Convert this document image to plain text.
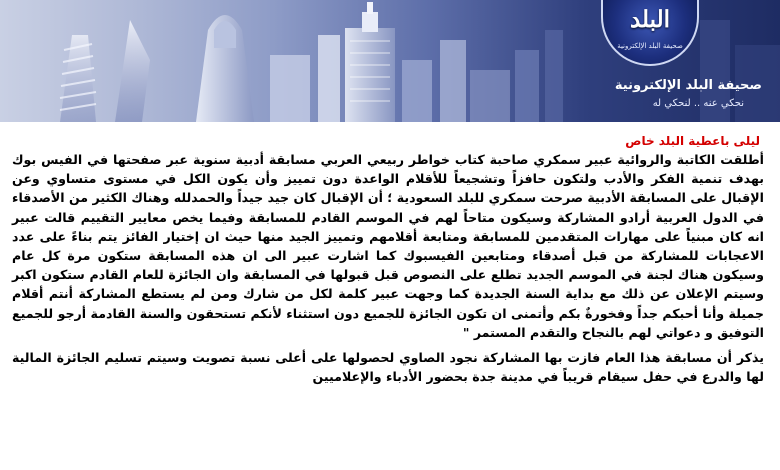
البلد
صحيفة البلد الإلكترونية
صحيفة البلد الإلكترونية
نحكي عنه .. لنحكي له
ليلى باعطية البلد خاص

أطلقت الكاتبة والروائية عبير سمكري صاحبة كتاب خواطر ربيعي العربي مسابقة أدبية سنوية عبر صفحتها في الفيس بوك بهدف تنمية الفكر والأدب ولتكون حافزاً وتشجيعاً للأقلام الواعدة دون تمييز وأن يكون الكل في مستوى متساوي وعن الإقبال على المسابقة الأدبية صرحت سمكري للبلد السعودية ؛ أن الإقبال كان جيد جيداً والحمدلله وهناك الكثير من الأصدقاء في الدول العربية أرادو المشاركة وسيكون متاحاً لهم في الموسم القادم للمسابقة وفيما يخص معايير التقييم قالت عبير انه كان مبنياً على مهارات المتقدمين للمسابقة ومتابعة أقلامهم وتمييز الجيد منها حيث ان إختيار الفائز يتم بناءً على عدد الاعجابات للمشاركة من قبل أصدقاء ومتابعين الفيسبوك كما اشارت عبير الى ان هذه المسابقة ستكون مرة كل عام وسيكون هناك لجنة في الموسم الجديد تطلع على النصوص قبل قبولها في المسابقة وان الجائزة للعام القادم ستكون اكبر وسيتم الإعلان عن ذلك مع بداية السنة الجديدة كما وجهت عبير كلمة لكل من شارك ومن لم يستطع المشاركة أنتم أقلام جميلة وأنا أحبكم جداً وفخورةٌ بكم وأتمنى ان تكون الجائزة للجميع دون استثناء لأنكم تستحقون والسنة القادمة أرجو للجميع التوفيق و دعواتي لهم بالنجاح والتقدم المستمر "

يذكر أن مسابقة هذا العام فازت بها المشاركة نجود الصاوي لحصولها على أعلى نسبة تصويت وسيتم تسليم الجائزة المالية لها والدرع في حفل سيقام قريباً في مدينة جدة بحضور الأدباء والإعلاميين
